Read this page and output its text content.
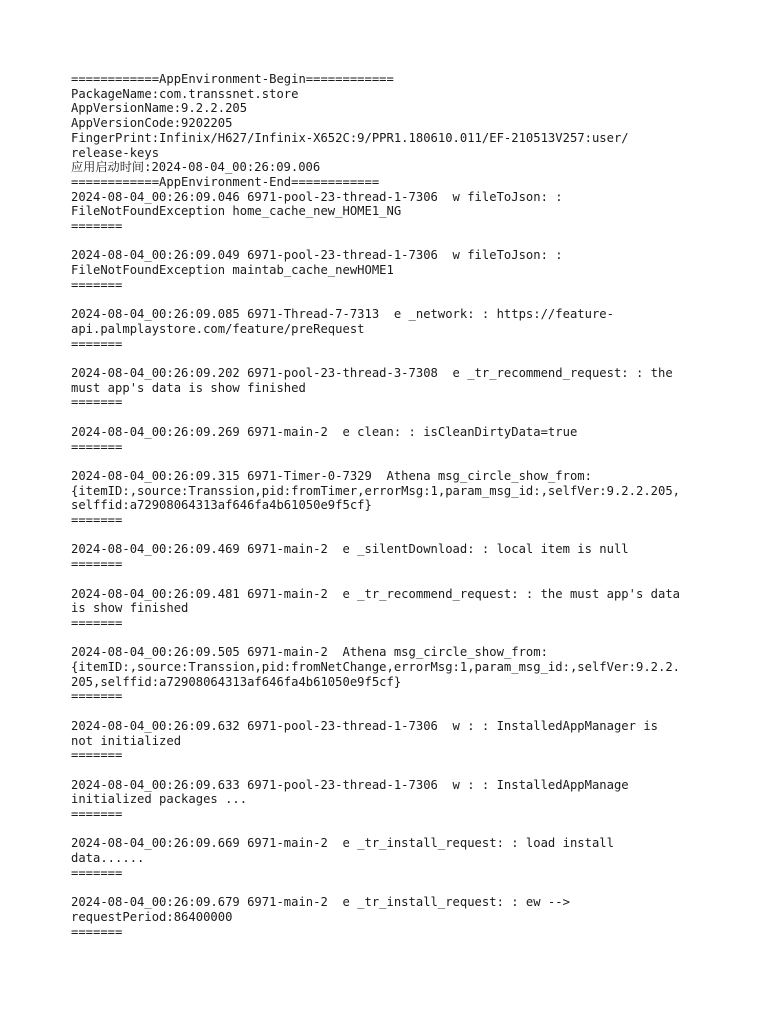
============AppEnvironment-Begin============
PackageName:com.transsnet.store
AppVersionName:9.2.2.205
AppVersionCode:9202205
FingerPrint:Infinix/H627/Infinix-X652C:9/PPR1.180610.011/EF-210513V257:user/
release-keys
应用启动时间:2024-08-04_00:26:09.006
============AppEnvironment-End============
2024-08-04_00:26:09.046 6971-pool-23-thread-1-7306  w fileToJson: :
FileNotFoundException home_cache_new_HOME1_NG
=======
2024-08-04_00:26:09.049 6971-pool-23-thread-1-7306  w fileToJson: :
FileNotFoundException maintab_cache_newHOME1
=======
2024-08-04_00:26:09.085 6971-Thread-7-7313  e _network: : https://feature-
api.palmplaystore.com/feature/preRequest
=======
2024-08-04_00:26:09.202 6971-pool-23-thread-3-7308  e _tr_recommend_request: : the
must app's data is show finished
=======
2024-08-04_00:26:09.269 6971-main-2  e clean: : isCleanDirtyData=true
=======
2024-08-04_00:26:09.315 6971-Timer-0-7329  Athena msg_circle_show_from:
{itemID:,source:Transsion,pid:fromTimer,errorMsg:1,param_msg_id:,selfVer:9.2.2.205,
selffid:a72908064313af646fa4b61050e9f5cf}
=======
2024-08-04_00:26:09.469 6971-main-2  e _silentDownload: : local item is null
=======
2024-08-04_00:26:09.481 6971-main-2  e _tr_recommend_request: : the must app's data
is show finished
=======
2024-08-04_00:26:09.505 6971-main-2  Athena msg_circle_show_from:
{itemID:,source:Transsion,pid:fromNetChange,errorMsg:1,param_msg_id:,selfVer:9.2.2.
205,selffid:a72908064313af646fa4b61050e9f5cf}
=======
2024-08-04_00:26:09.632 6971-pool-23-thread-1-7306  w : : InstalledAppManager is
not initialized
=======
2024-08-04_00:26:09.633 6971-pool-23-thread-1-7306  w : : InstalledAppManage
initialized packages ...
=======
2024-08-04_00:26:09.669 6971-main-2  e _tr_install_request: : load install
data......
=======
2024-08-04_00:26:09.679 6971-main-2  e _tr_install_request: : ew -->
requestPeriod:86400000
=======
